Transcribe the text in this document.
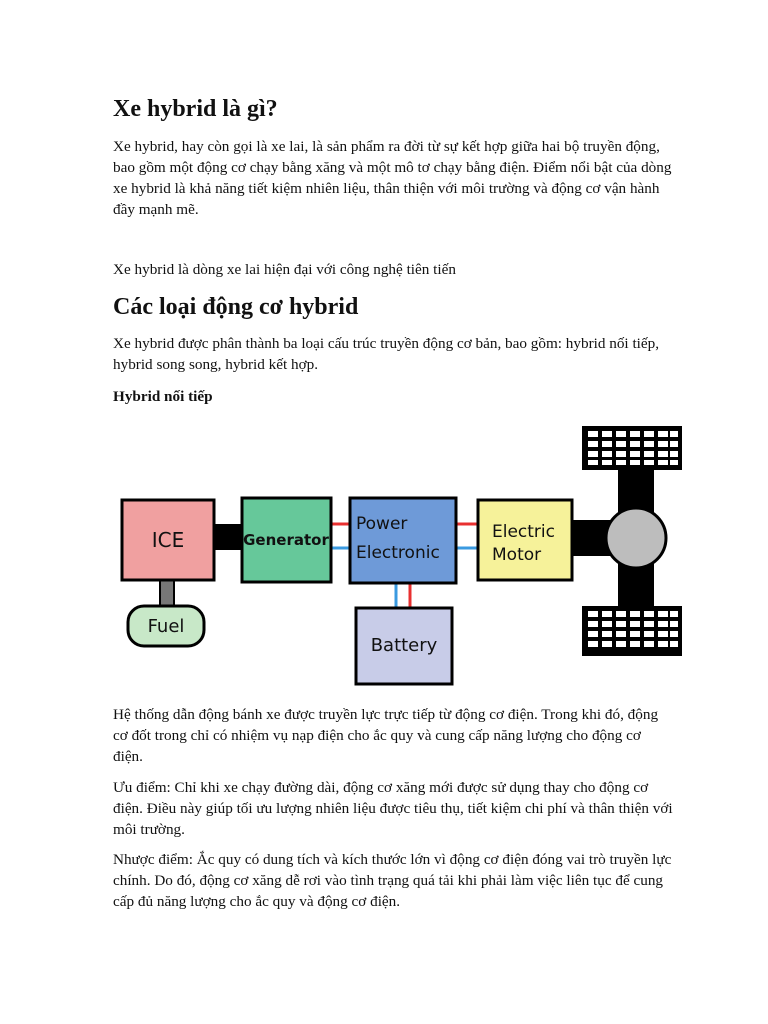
Xe hybrid là gì?

Xe hybrid, hay còn gọi là xe lai, là sản phẩm ra đời từ sự kết hợp giữa hai bộ truyền động, bao gồm một động cơ chạy bằng xăng và một mô tơ chạy bằng điện. Điểm nổi bật của dòng xe hybrid là khả năng tiết kiệm nhiên liệu, thân thiện với môi trường và động cơ vận hành đầy mạnh mẽ.

Xe hybrid là dòng xe lai hiện đại với công nghệ tiên tiến

Các loại động cơ hybrid

Xe hybrid được phân thành ba loại cấu trúc truyền động cơ bản, bao gồm: hybrid nối tiếp, hybrid song song, hybrid kết hợp.

Hybrid nối tiếp
ICE
Fuel
Generator
Power
Electronic
Battery
Electric
Motor

Hệ thống dẫn động bánh xe được truyền lực trực tiếp từ động cơ điện. Trong khi đó, động cơ đốt trong chỉ có nhiệm vụ nạp điện cho ắc quy và cung cấp năng lượng cho động cơ điện.

Ưu điểm: Chỉ khi xe chạy đường dài, động cơ xăng mới được sử dụng thay cho động cơ điện. Điều này giúp tối ưu lượng nhiên liệu được tiêu thụ, tiết kiệm chi phí và thân thiện với môi trường.

Nhược điểm: Ắc quy có dung tích và kích thước lớn vì động cơ điện đóng vai trò truyền lực chính. Do đó, động cơ xăng dễ rơi vào tình trạng quá tải khi phải làm việc liên tục để cung cấp đủ năng lượng cho ắc quy và động cơ điện.
